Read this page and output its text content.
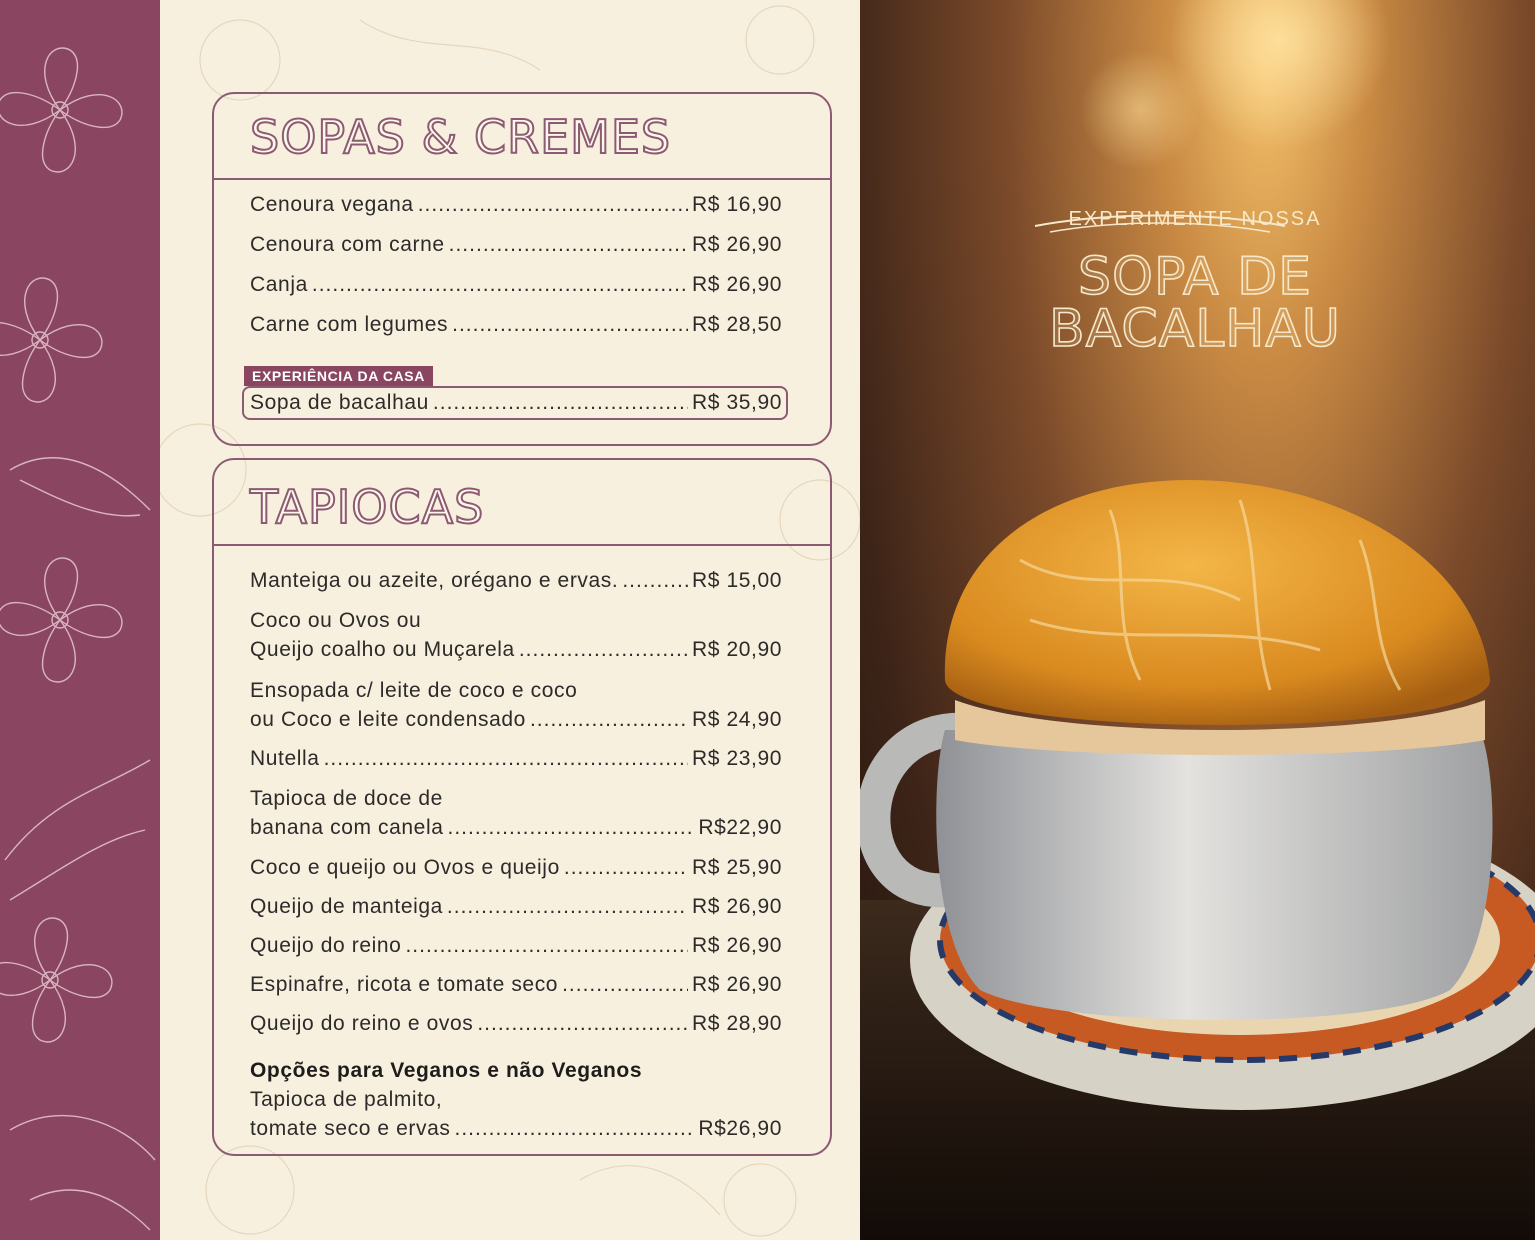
SOPAS & CREMES
Cenoura vegana .....	R$ 16,90
Cenoura com carne .....	R$ 26,90
Canja .....	R$ 26,90
Carne com legumes .....	R$ 28,50
EXPERIÊNCIA DA CASA
Sopa de bacalhau .....	R$ 35,90
TAPIOCAS
Manteiga ou azeite, orégano e ervas. .....	R$ 15,00
Coco ou Ovos ou
Queijo coalho ou Muçarela .....	R$ 20,90
Ensopada c/ leite de coco e coco
ou Coco e leite condensado .....	R$ 24,90
Nutella .....	R$ 23,90
Tapioca de doce de
banana com canela .....	R$22,90
Coco e queijo ou Ovos e queijo .....	R$ 25,90
Queijo de manteiga .....	R$ 26,90
Queijo do reino .....	R$ 26,90
Espinafre, ricota e tomate seco .....	R$ 26,90
Queijo do reino e ovos .....	R$ 28,90
Opções para Veganos e não Veganos
Tapioca de palmito,
tomate seco e ervas .....	R$26,90
EXPERIMENTE NOSSA
SOPA DE
BACALHAU
